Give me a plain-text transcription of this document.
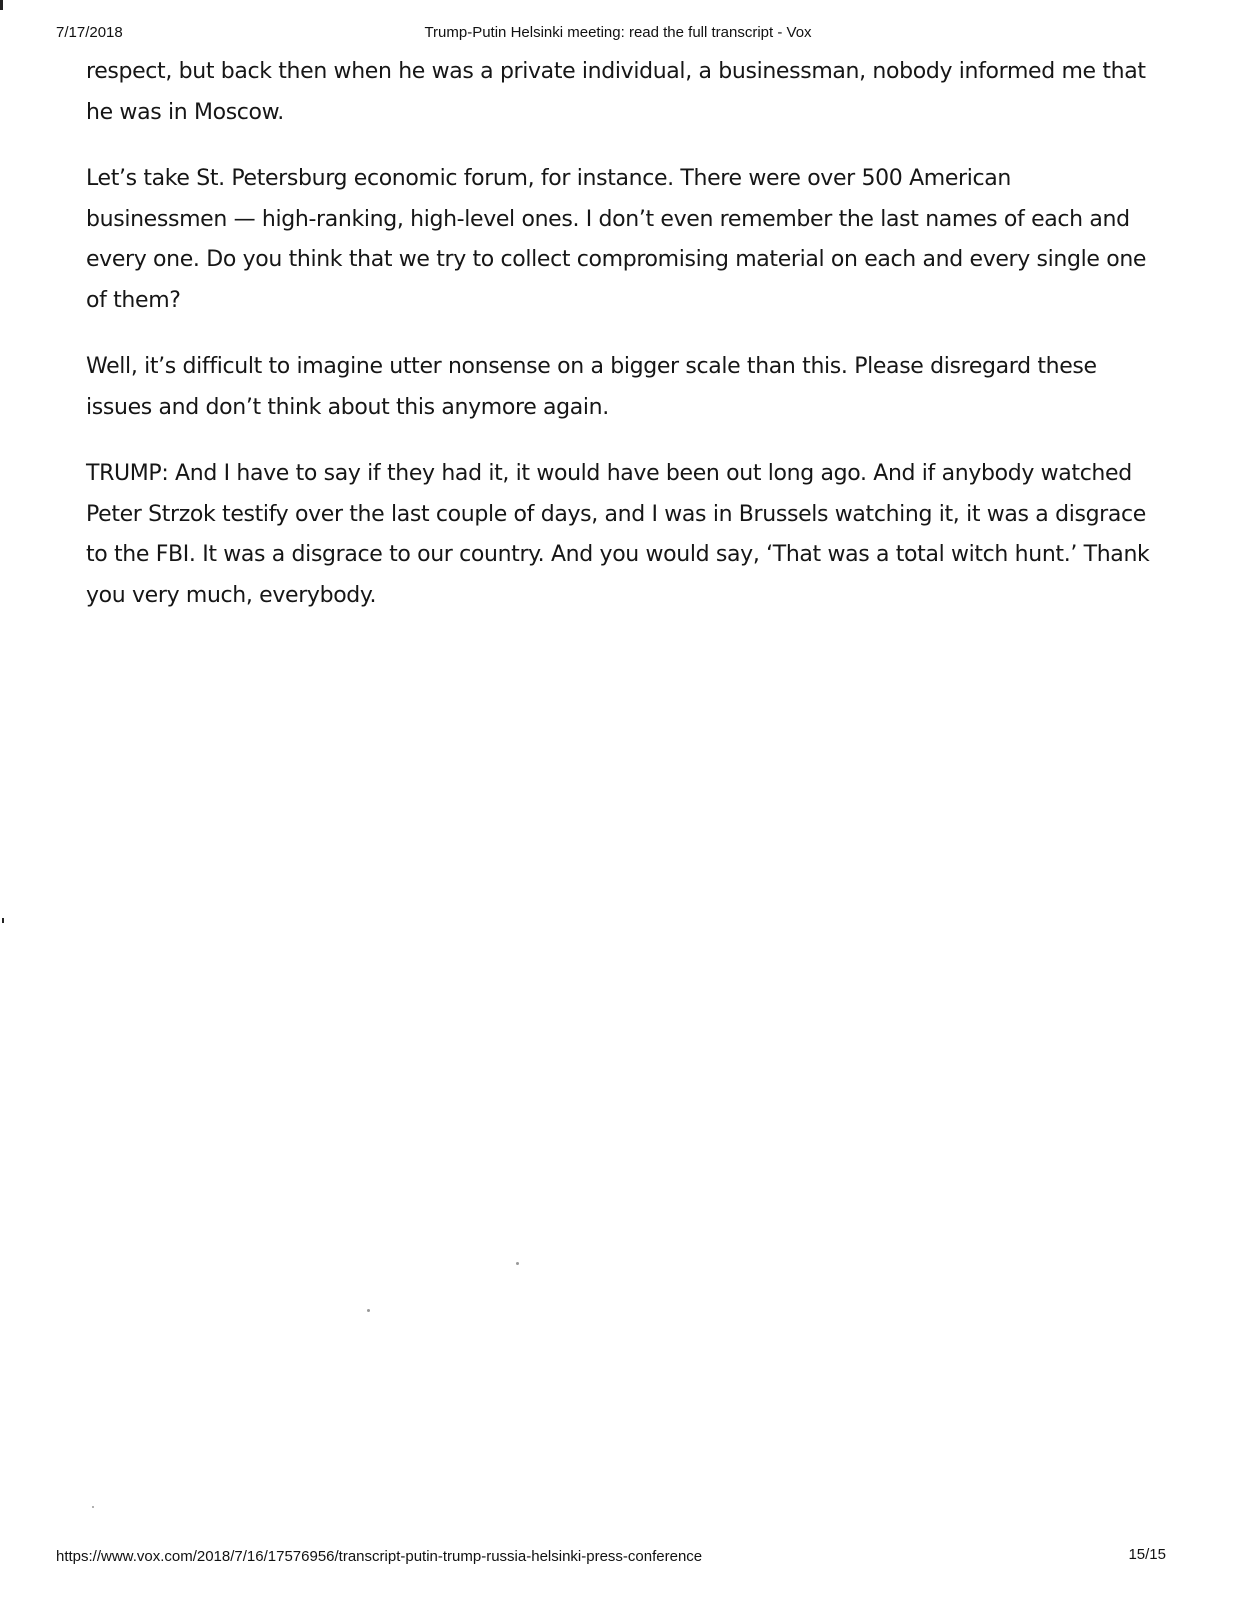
7/17/2018	Trump-Putin Helsinki meeting: read the full transcript - Vox

respect, but back then when he was a private individual, a businessman, nobody informed me that he was in Moscow.

Let’s take St. Petersburg economic forum, for instance. There were over 500 American businessmen — high-ranking, high-level ones. I don’t even remember the last names of each and every one. Do you think that we try to collect compromising material on each and every single one of them?

Well, it’s difficult to imagine utter nonsense on a bigger scale than this. Please disregard these issues and don’t think about this anymore again.

TRUMP: And I have to say if they had it, it would have been out long ago. And if anybody watched Peter Strzok testify over the last couple of days, and I was in Brussels watching it, it was a disgrace to the FBI. It was a disgrace to our country. And you would say, ‘That was a total witch hunt.’ Thank you very much, everybody.

https://www.vox.com/2018/7/16/17576956/transcript-putin-trump-russia-helsinki-press-conference	15/15
